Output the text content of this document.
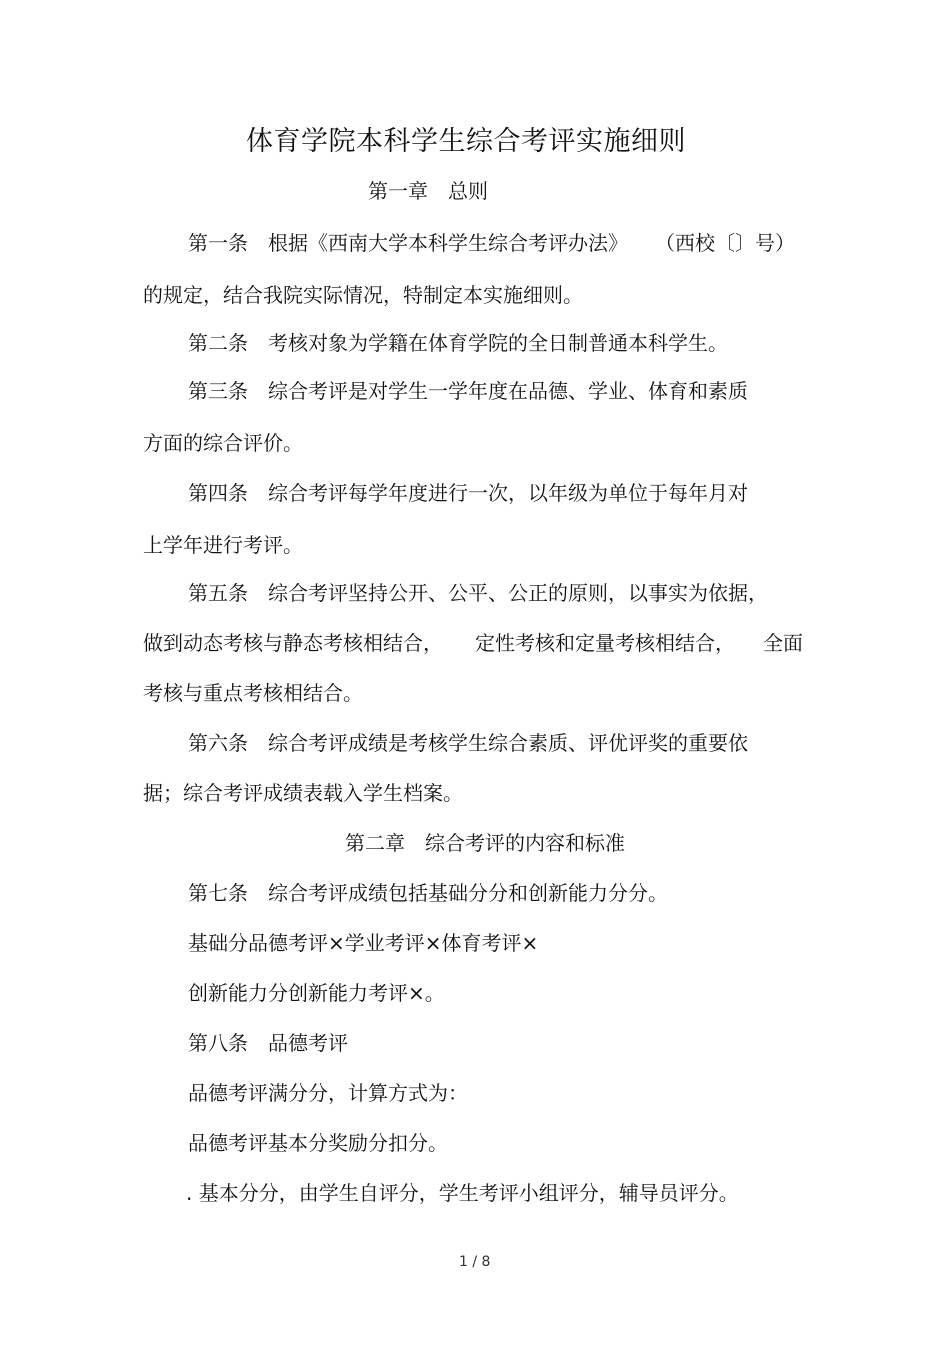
体育学院本科学生综合考评实施细则
第一章　总则
第一条　根据《西南大学本科学生综合考评办法》 （西校〔〕号）
的规定，结合我院实际情况，特制定本实施细则。
第二条　考核对象为学籍在体育学院的全日制普通本科学生。
第三条　综合考评是对学生一学年度在品德、学业、体育和素质
方面的综合评价。
第四条　综合考评每学年度进行一次，以年级为单位于每年月对
上学年进行考评。
第五条　综合考评坚持公开、公平、公正的原则，以事实为依据，
做到动态考核与静态考核相结合， 定性考核和定量考核相结合， 全面
考核与重点考核相结合。
第六条　综合考评成绩是考核学生综合素质、评优评奖的重要依
据；综合考评成绩表载入学生档案。
第二章　综合考评的内容和标准
第七条　综合考评成绩包括基础分分和创新能力分分。
基础分品德考评×学业考评×体育考评×
创新能力分创新能力考评×。
第八条　品德考评
品德考评满分分，计算方式为：
品德考评基本分奖励分扣分。
. 基本分分，由学生自评分，学生考评小组评分，辅导员评分。
1 / 8
